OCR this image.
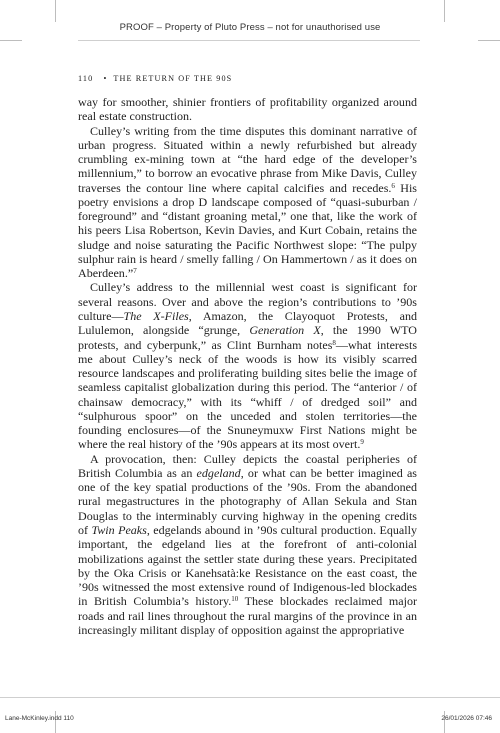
PROOF – Property of Pluto Press – not for unauthorised use
110 • THE RETURN OF THE 90S

way for smoother, shinier frontiers of profitability organized around real estate construction.

Culley’s writing from the time disputes this dominant narrative of urban progress. Situated within a newly refurbished but already crumbling ex-mining town at “the hard edge of the developer’s millennium,” to borrow an evocative phrase from Mike Davis, Culley traverses the contour line where capital calcifies and recedes.$^6$ His poetry envisions a drop D landscape composed of “quasi-suburban / foreground” and “distant groaning metal,” one that, like the work of his peers Lisa Robertson, Kevin Davies, and Kurt Cobain, retains the sludge and noise saturating the Pacific Northwest slope: “The pulpy sulphur rain is heard / smelly falling / On Hammertown / as it does on Aberdeen.”$^7$

Culley’s address to the millennial west coast is significant for several reasons. Over and above the region’s contributions to ’90s culture—The X-Files, Amazon, the Clayoquot Protests, and Lululemon, alongside “grunge, Generation X, the 1990 WTO protests, and cyberpunk,” as Clint Burnham notes$^8$—what interests me about Culley’s neck of the woods is how its visibly scarred resource landscapes and proliferating building sites belie the image of seamless capitalist globalization during this period. The “anterior / of chainsaw democracy,” with its “whiff / of dredged soil” and “sulphurous spoor” on the unceded and stolen territories—the founding enclosures—of the Snuneymuxw First Nations might be where the real history of the ’90s appears at its most overt.$^9$

A provocation, then: Culley depicts the coastal peripheries of British Columbia as an edgeland, or what can be better imagined as one of the key spatial productions of the ’90s. From the abandoned rural megastructures in the photography of Allan Sekula and Stan Douglas to the interminably curving highway in the opening credits of Twin Peaks, edgelands abound in ’90s cultural production. Equally important, the edgeland lies at the forefront of anti-colonial mobilizations against the settler state during these years. Precipitated by the Oka Crisis or Kanehsatà:ke Resistance on the east coast, the ’90s witnessed the most extensive round of Indigenous-led blockades in British Columbia’s history.$^{10}$ These blockades reclaimed major roads and rail lines throughout the rural margins of the province in an increasingly militant display of opposition against the appropriative

Lane-McKinley.indd 110	26/01/2026 07:46
